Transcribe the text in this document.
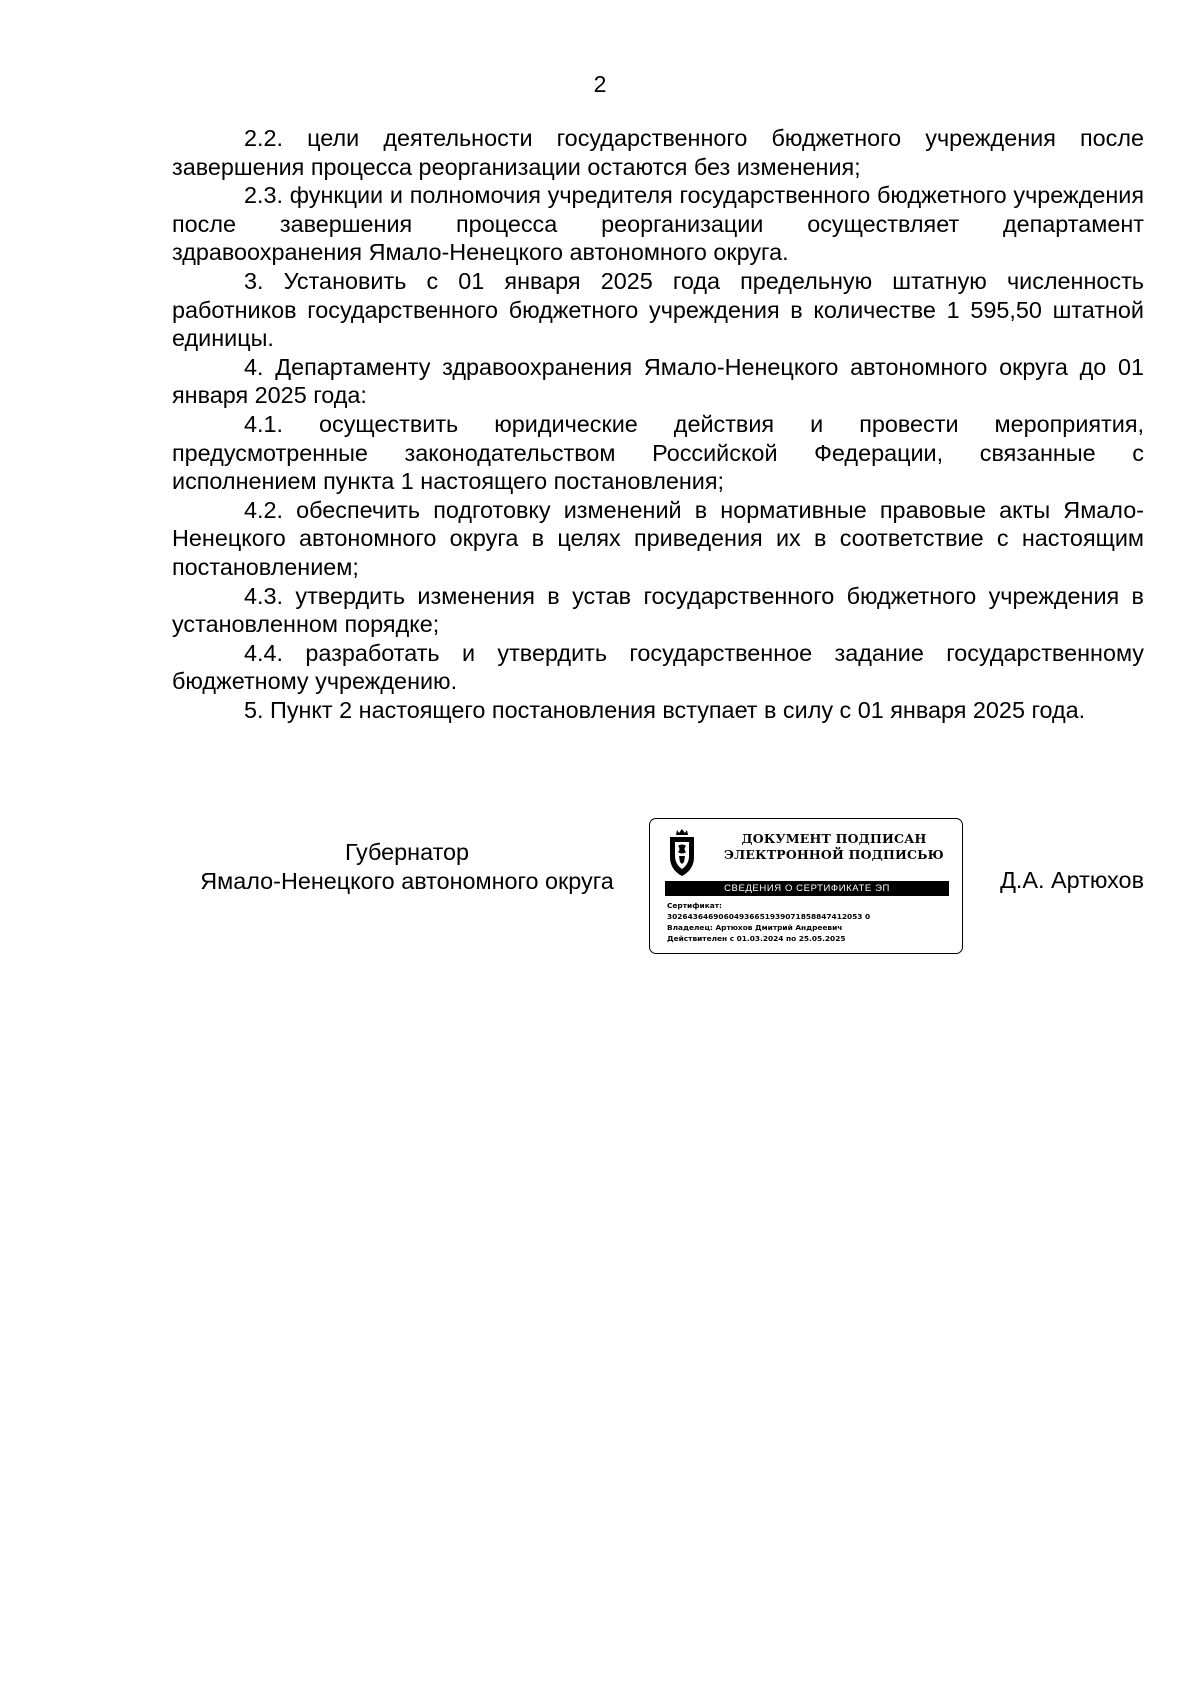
2

2.2. цели деятельности государственного бюджетного учреждения после завершения процесса реорганизации остаются без изменения;

2.3. функции и полномочия учредителя государственного бюджетного учреждения после завершения процесса реорганизации осуществляет департамент здравоохранения Ямало-Ненецкого автономного округа.

3. Установить с 01 января 2025 года предельную штатную численность работников государственного бюджетного учреждения в количестве 1 595,50 штатной единицы.

4. Департаменту здравоохранения Ямало-Ненецкого автономного округа до 01 января 2025 года:

4.1. осуществить юридические действия и провести мероприятия, предусмотренные законодательством Российской Федерации, связанные с исполнением пункта 1 настоящего постановления;

4.2. обеспечить подготовку изменений в нормативные правовые акты Ямало-Ненецкого автономного округа в целях приведения их в соответствие с настоящим постановлением;

4.3. утвердить изменения в устав государственного бюджетного учреждения в установленном порядке;

4.4. разработать и утвердить государственное задание государственному бюджетному учреждению.

5. Пункт 2 настоящего постановления вступает в силу с 01 января 2025 года.

Губернатор
Ямало-Ненецкого автономного округа
ДОКУМЕНТ ПОДПИСАН
ЭЛЕКТРОННОЙ ПОДПИСЬЮ
СВЕДЕНИЯ О СЕРТИФИКАТЕ ЭП
Сертификат:
30264364690604936651939071858847412053 0
Владелец: Артюхов Дмитрий Андреевич
Действителен с 01.03.2024 по 25.05.2025
Д.А. Артюхов
